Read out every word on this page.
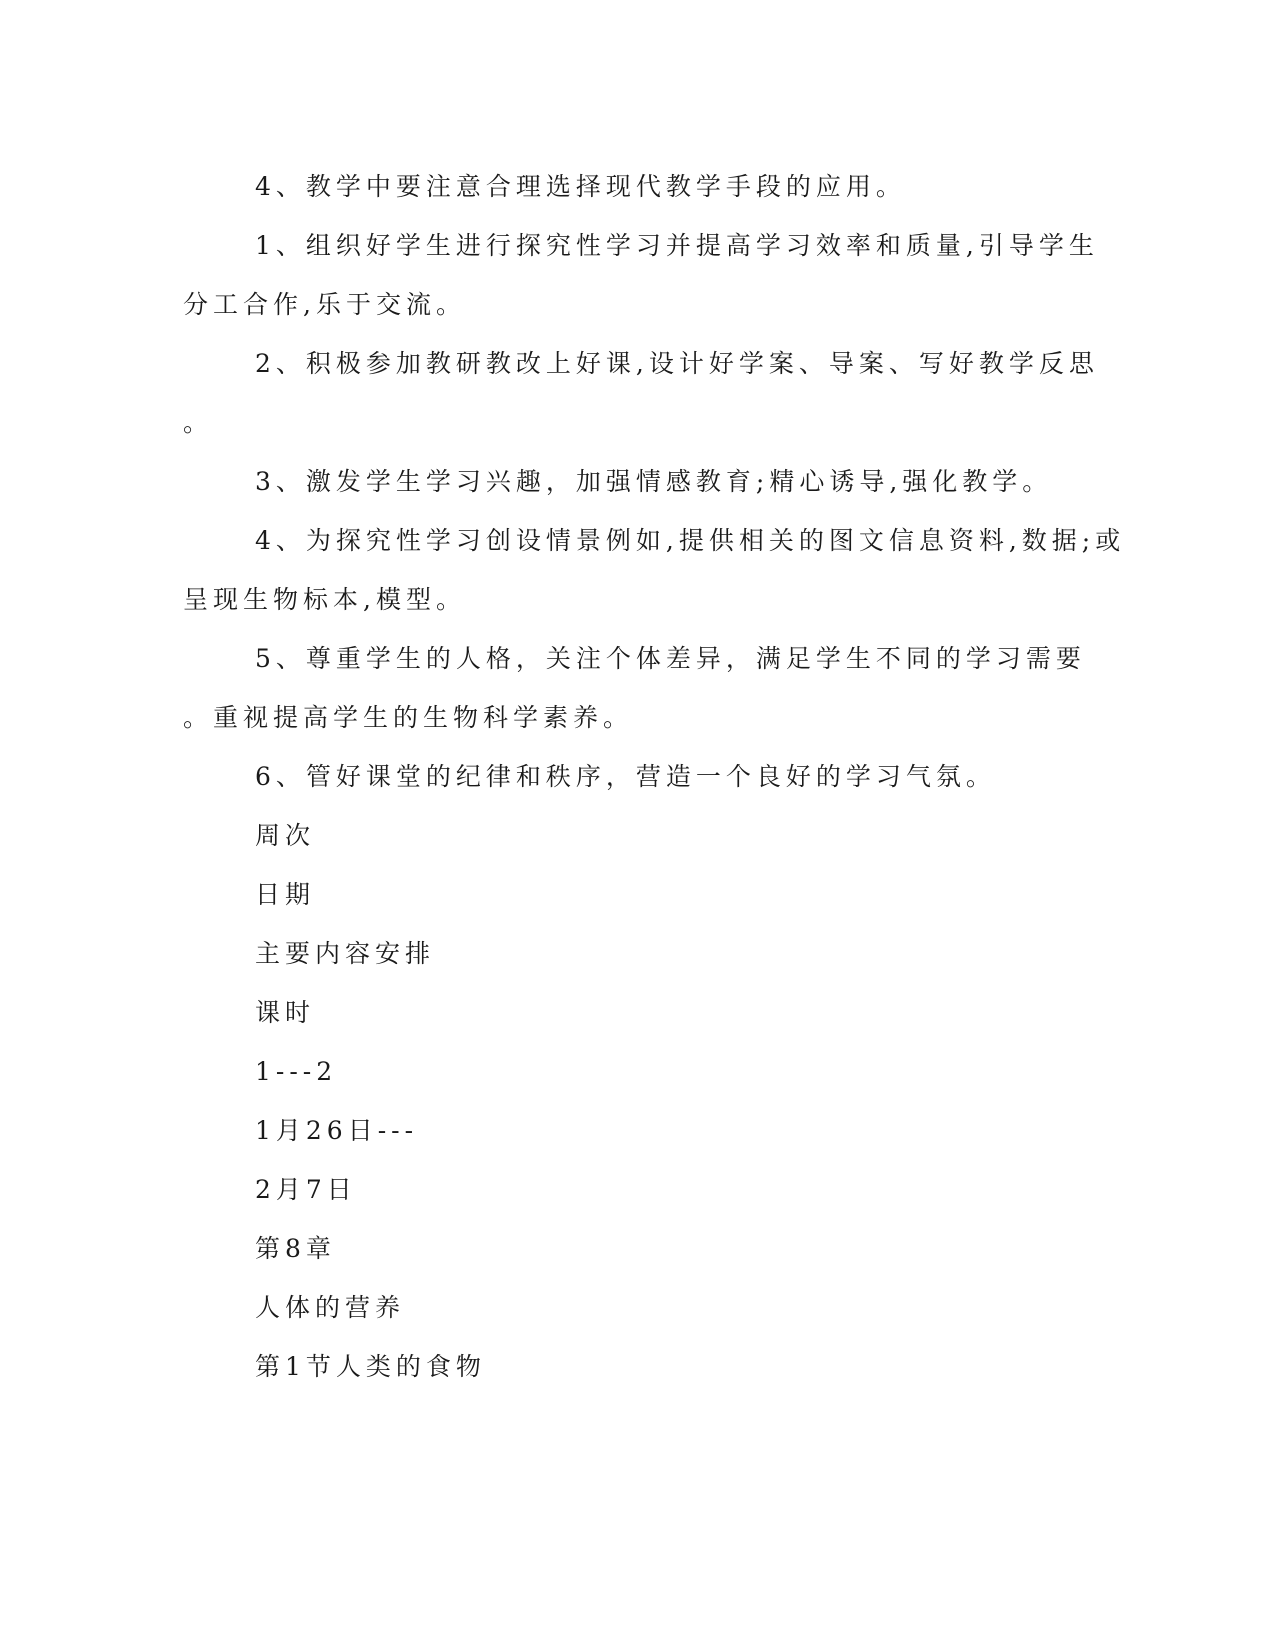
4、教学中要注意合理选择现代教学手段的应用。
1、组织好学生进行探究性学习并提高学习效率和质量,引导学生
分工合作,乐于交流。
2、积极参加教研教改上好课,设计好学案、导案、写好教学反思
。
3、激发学生学习兴趣，加强情感教育;精心诱导,强化教学。
4、为探究性学习创设情景例如,提供相关的图文信息资料,数据;或
呈现生物标本,模型。
5、尊重学生的人格，关注个体差异，满足学生不同的学习需要
。重视提高学生的生物科学素养。
6、管好课堂的纪律和秩序，营造一个良好的学习气氛。
周次
日期
主要内容安排
课时
1---2
1月26日---
2月7日
第8章
人体的营养
第1节人类的食物
